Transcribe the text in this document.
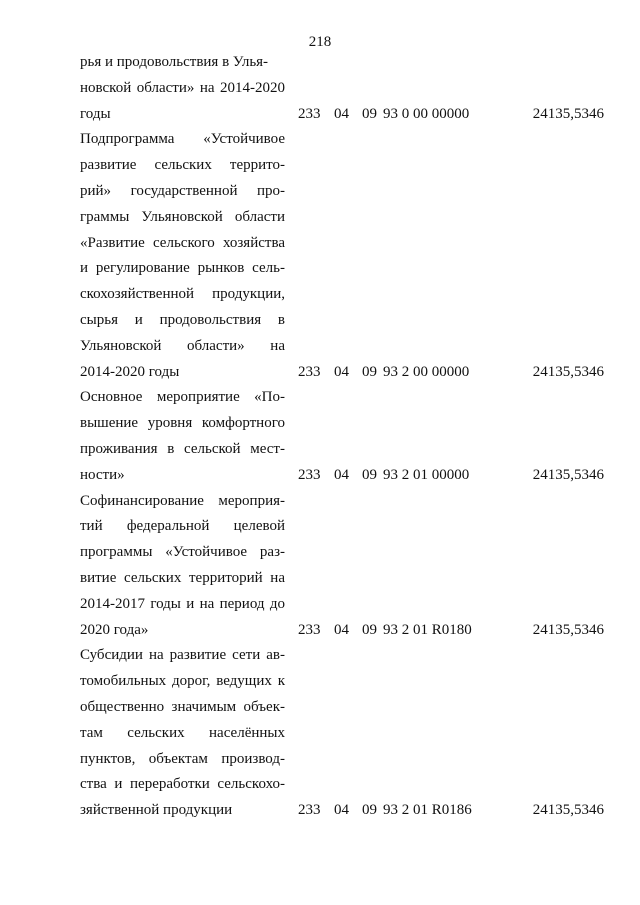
218
рья и продовольствия в Улья-
новской области» на 2014-2020
годы	233 04 09 93 0 00 00000	24135,5346
Подпрограмма «Устойчивое
развитие сельских террито-
рий» государственной про-
граммы Ульяновской области
«Развитие сельского хозяйства
и регулирование рынков сель-
скохозяйственной продукции,
сырья и продовольствия в
Ульяновской области» на
2014-2020 годы	233 04 09 93 2 00 00000	24135,5346
Основное мероприятие «По-
вышение уровня комфортного
проживания в сельской мест-
ности»	233 04 09 93 2 01 00000	24135,5346
Софинансирование мероприя-
тий федеральной целевой
программы «Устойчивое раз-
витие сельских территорий на
2014-2017 годы и на период до
2020 года»	233 04 09 93 2 01 R0180	24135,5346
Субсидии на развитие сети ав-
томобильных дорог, ведущих к
общественно значимым объек-
там сельских населённых
пунктов, объектам производ-
ства и переработки сельскохо-
зяйственной продукции	233 04 09 93 2 01 R0186	24135,5346
